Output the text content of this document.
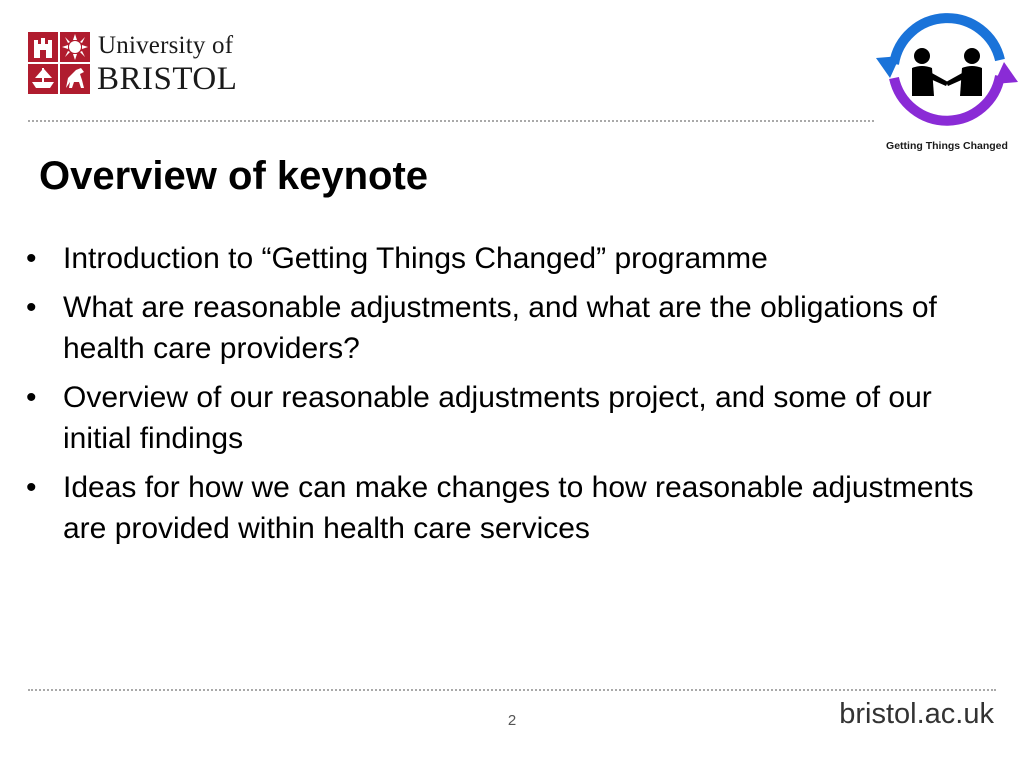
University of
BRISTOL
Getting Things Changed
Overview of keynote
• Introduction to “Getting Things Changed” programme
• What are reasonable adjustments, and what are the obligations of health care providers?
• Overview of our reasonable adjustments project, and some of our initial findings
• Ideas for how we can make changes to how reasonable adjustments are provided within health care services
2	bristol.ac.uk
